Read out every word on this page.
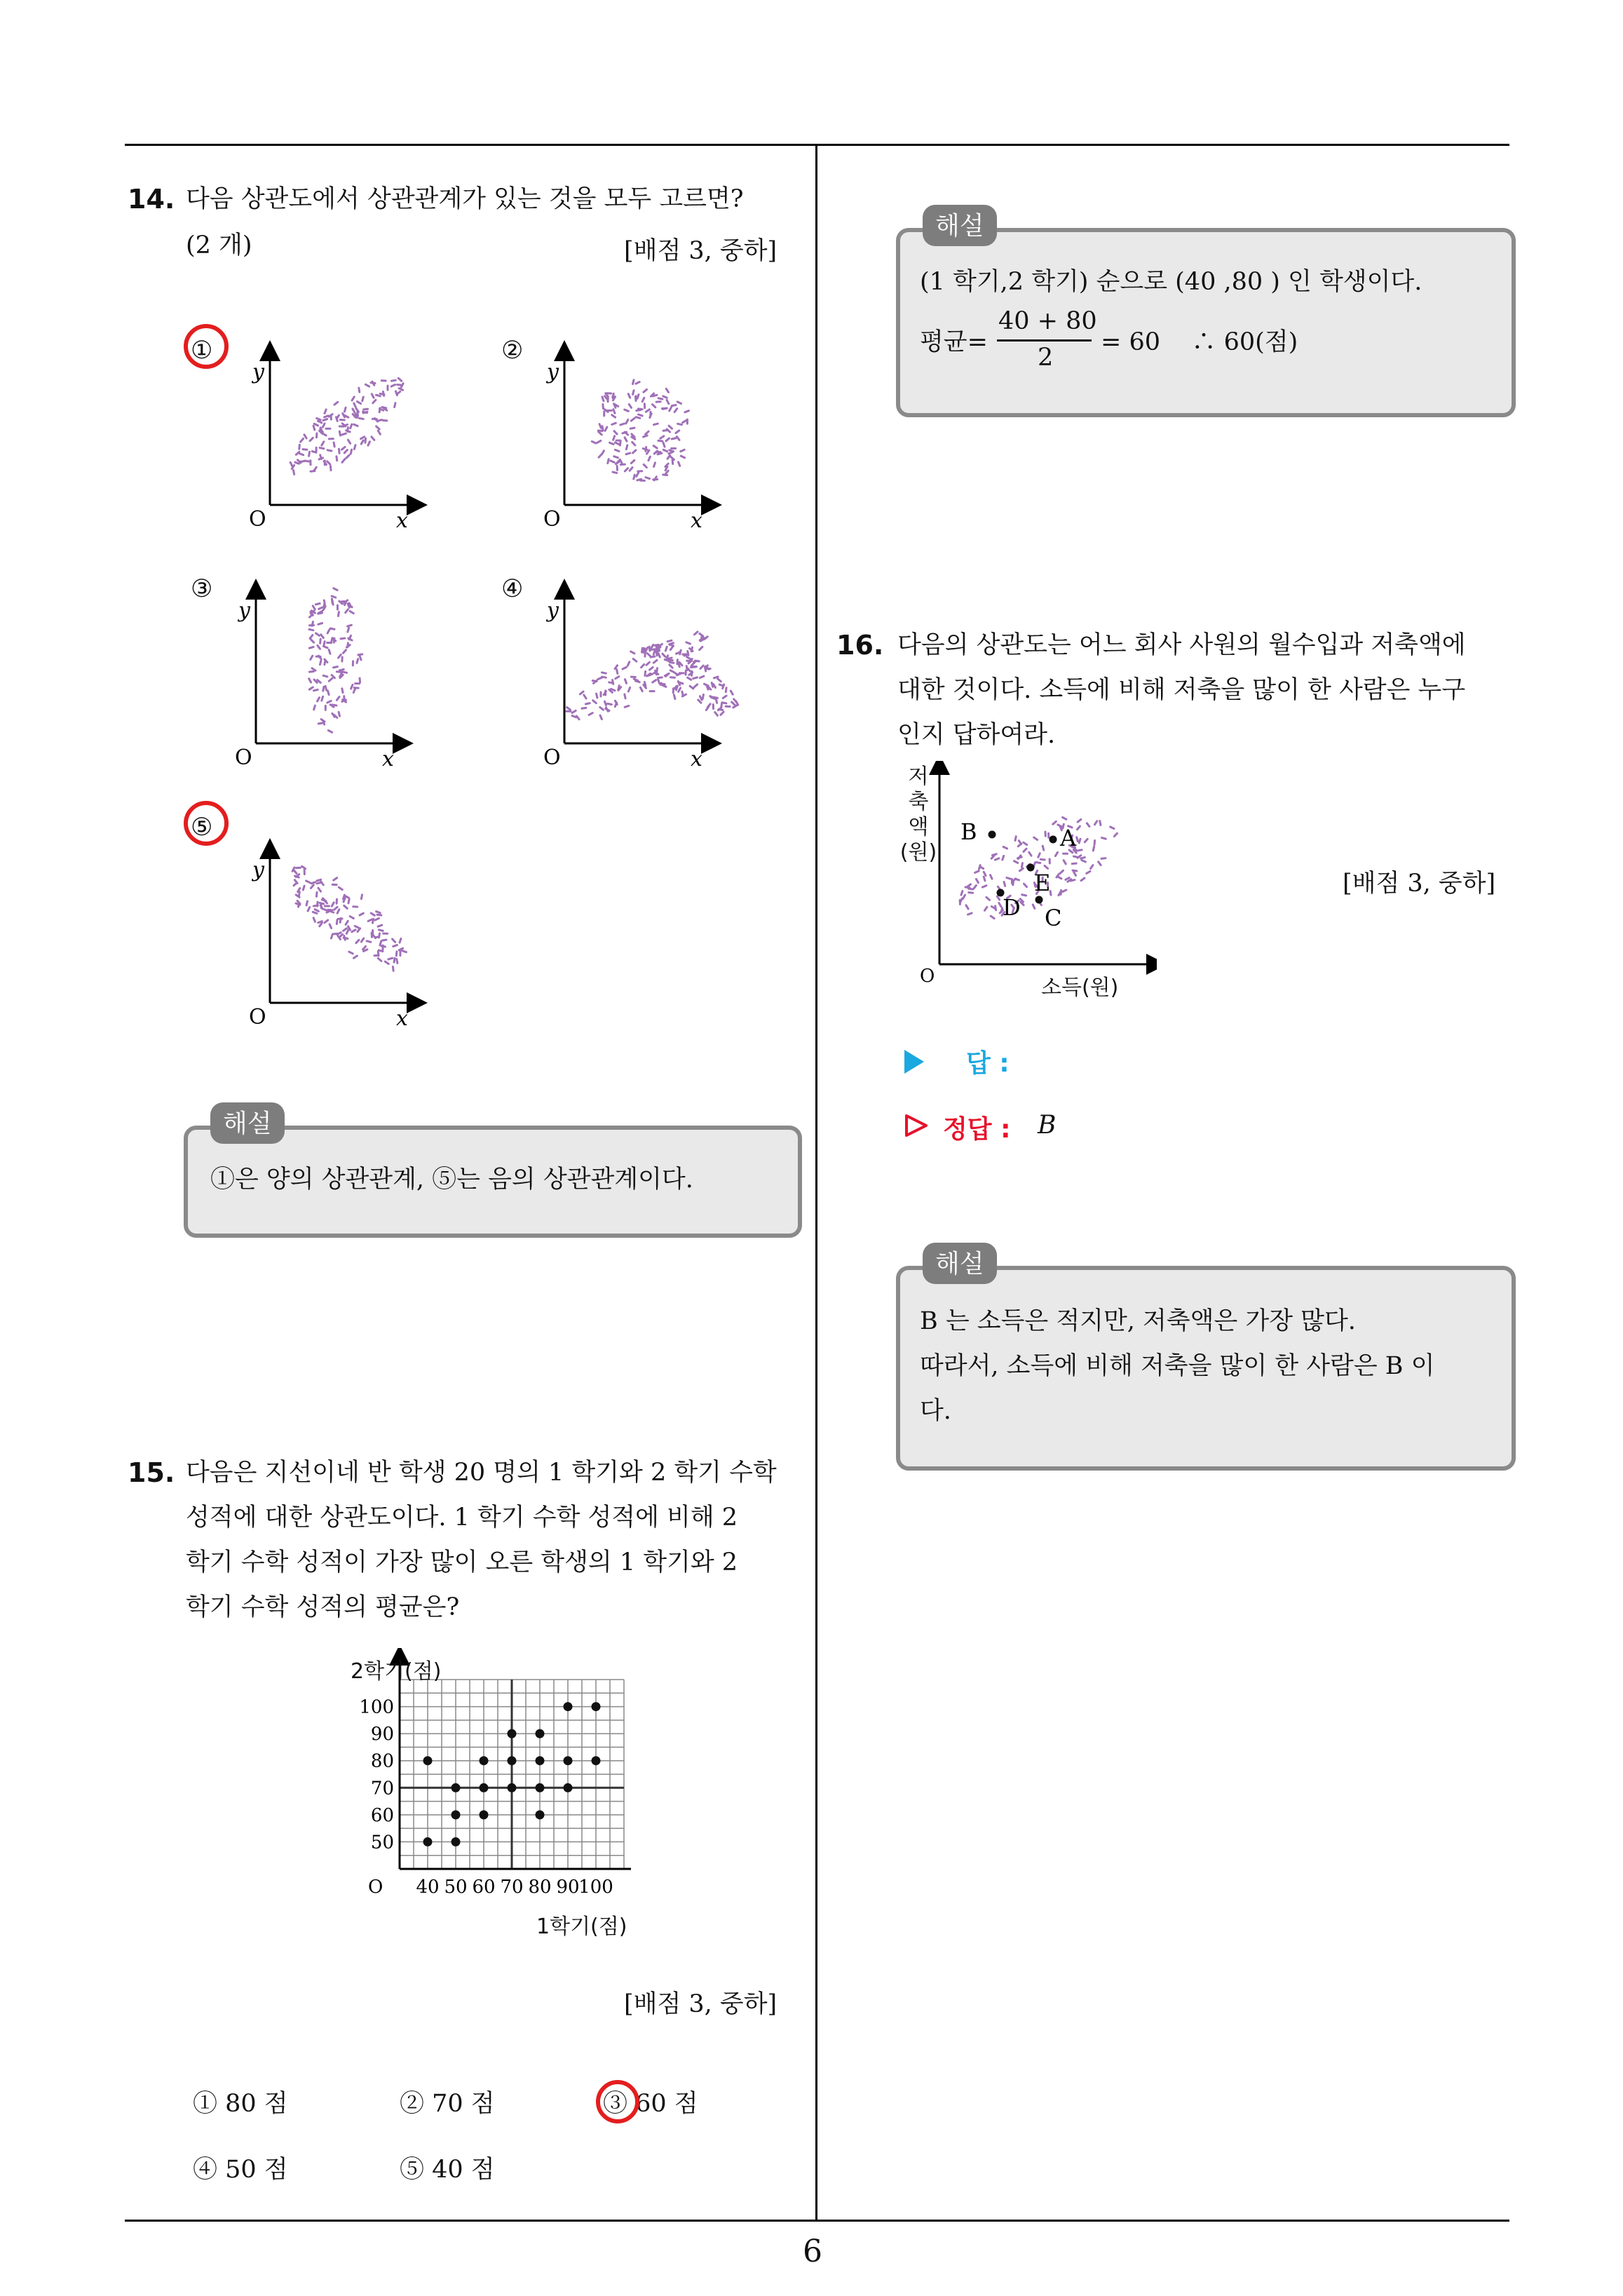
6
14. 다음 상관도에서 상관관계가 있는 것을 모두 고르면?
(2 개)	[배점 3, 중하]
O
y
x	O
y
x
O
y
x	O
y
x
O
y
x
①	②
③	④
⑤
해설
①은 양의 상관관계, ⑤는 음의 상관관계이다.
15. 다음은 지선이네 반 학생 20 명의 1 학기와 2 학기 수학
성적에 대한 상관도이다. 1 학기 수학 성적에 비해 2
학기 수학 성적이 가장 많이 오른 학생의 1 학기와 2
학기 수학 성적의 평균은?
50
60
70
80
90
100
40 50 60 70 80 90
100
O
2학기(점)
1학기(점)
[배점 3, 중하]
① 80 점	② 70 점	③ 60 점
④ 50 점	⑤ 40 점
해설
(1 학기,2 학기) 순으로 (40 ,80 ) 인 학생이다.
평균=
40 + 80
2
= 60    ∴ 60(점)
16. 다음의 상관도는 어느 회사 사원의 월수입과 저축액에
대한 것이다. 소득에 비해 저축을 많이 한 사람은 누구
인지 답하여라.
O
B	A
E
D C
저
축
액
(원)
소득(원)
[배점 3, 중하]
답 :
정답 : B
해설
B 는 소득은 적지만, 저축액은 가장 많다.
따라서, 소득에 비해 저축을 많이 한 사람은 B 이
다.
